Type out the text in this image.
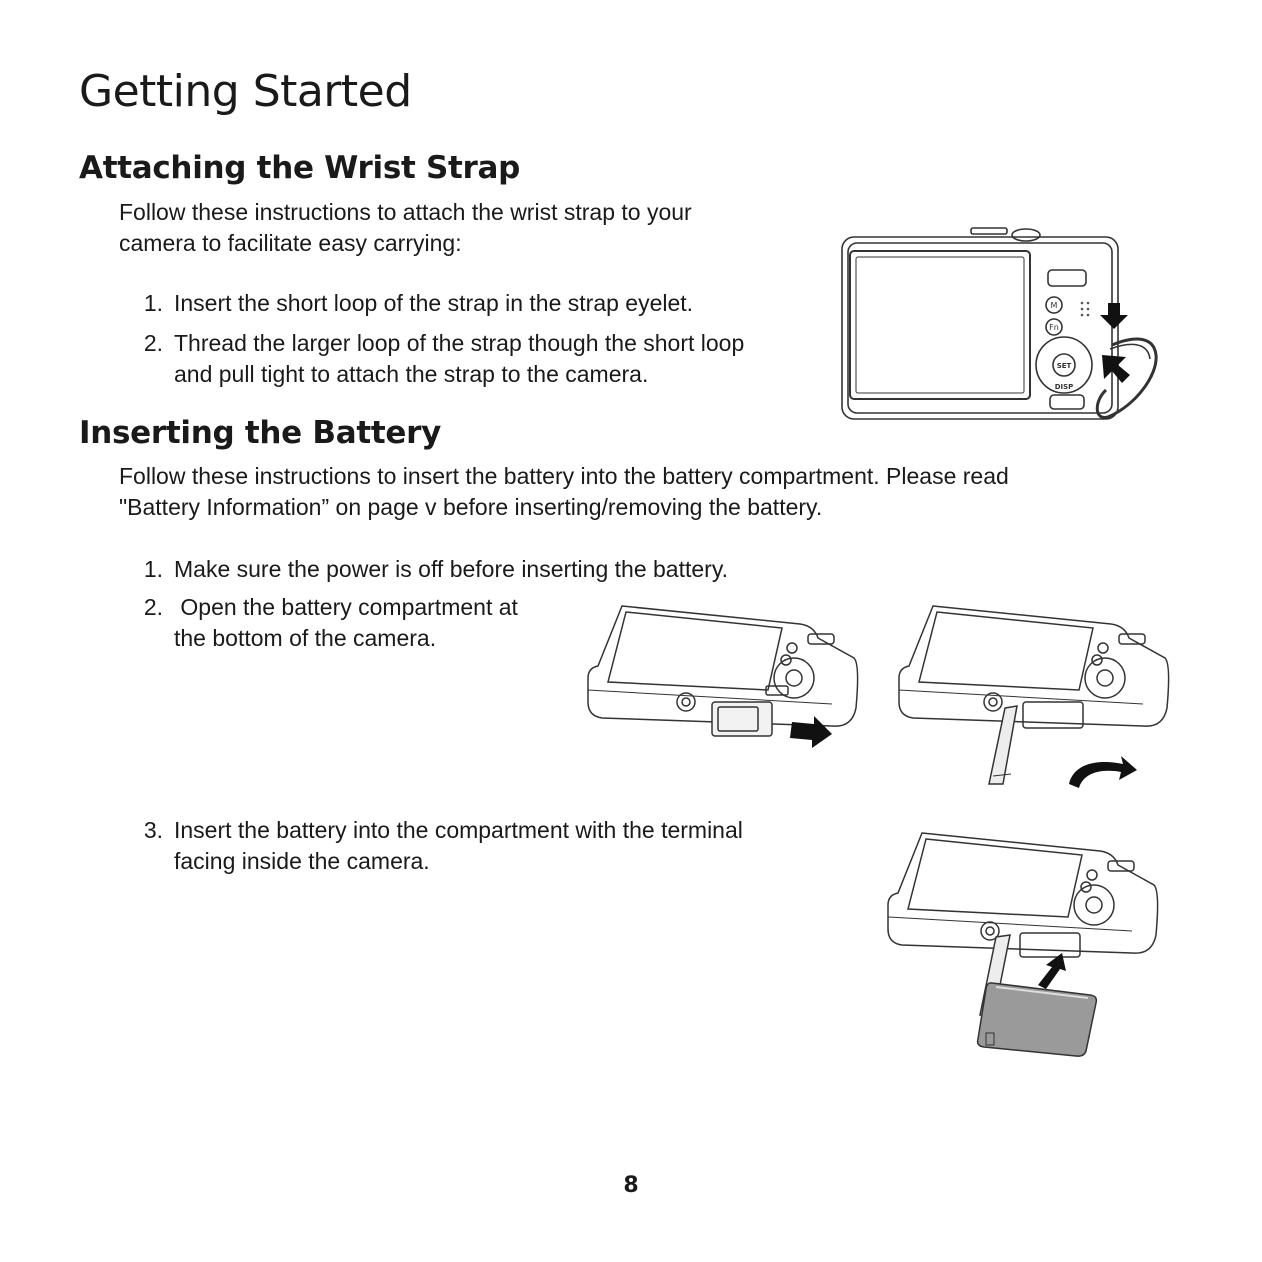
Getting Started
Attaching the Wrist Strap
Follow these instructions to attach the wrist strap to your
camera to facilitate easy carrying:
1. Insert the short loop of the strap in the strap eyelet.
2. Thread the larger loop of the strap though the short loop
and pull tight to attach the strap to the camera.
M
Fn
SET
DISP
Inserting the Battery
Follow these instructions to insert the battery into the battery compartment. Please read
"Battery Information” on page v before inserting/removing the battery.
1. Make sure the power is off before inserting the battery.
2. Open the battery compartment at
the bottom of the camera.
3. Insert the battery into the compartment with the terminal
facing inside the camera.
8
